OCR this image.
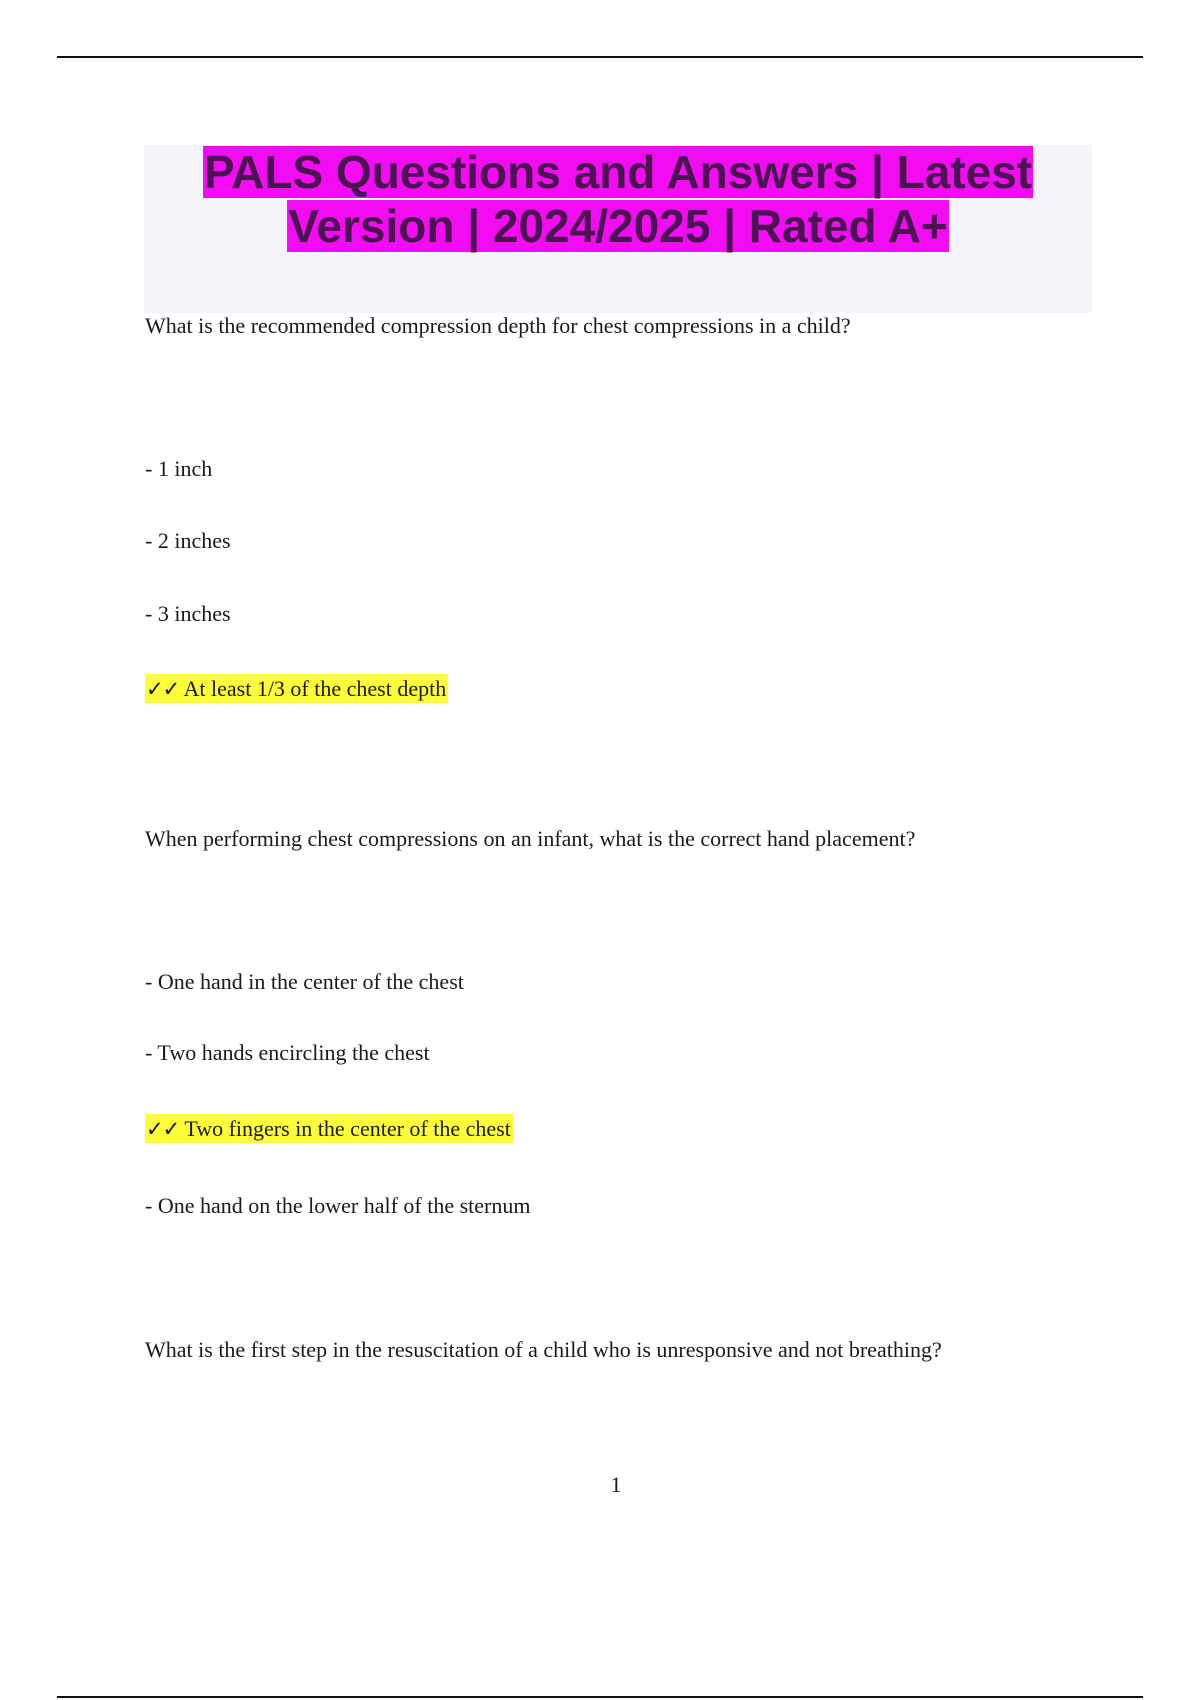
PALS Questions and Answers | Latest Version | 2024/2025 | Rated A+

What is the recommended compression depth for chest compressions in a child?

- 1 inch

- 2 inches

- 3 inches

✓✓ At least 1/3 of the chest depth

When performing chest compressions on an infant, what is the correct hand placement?

- One hand in the center of the chest

- Two hands encircling the chest

✓✓ Two fingers in the center of the chest

- One hand on the lower half of the sternum

What is the first step in the resuscitation of a child who is unresponsive and not breathing?

1
